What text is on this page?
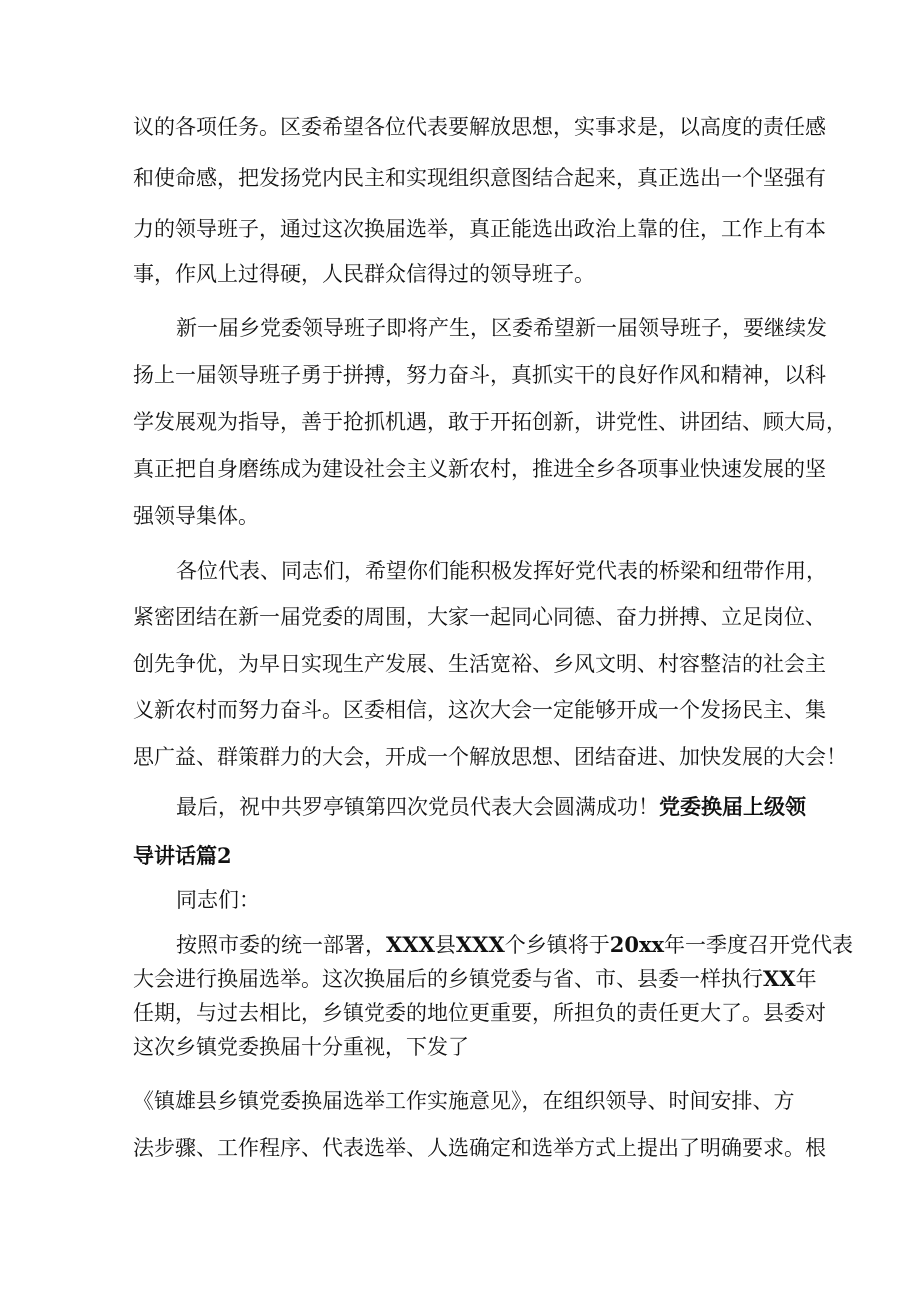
议的各项任务。区委希望各位代表要解放思想，实事求是，以高度的责任感
和使命感，把发扬党内民主和实现组织意图结合起来，真正选出一个坚强有
力的领导班子，通过这次换届选举，真正能选出政治上靠的住，工作上有本
事，作风上过得硬，人民群众信得过的领导班子。
新一届乡党委领导班子即将产生，区委希望新一届领导班子，要继续发
扬上一届领导班子勇于拼搏，努力奋斗，真抓实干的良好作风和精神，以科
学发展观为指导，善于抢抓机遇，敢于开拓创新，讲党性、讲团结、顾大局，
真正把自身磨练成为建设社会主义新农村，推进全乡各项事业快速发展的坚
强领导集体。
各位代表、同志们，希望你们能积极发挥好党代表的桥梁和纽带作用，
紧密团结在新一届党委的周围，大家一起同心同德、奋力拼搏、立足岗位、
创先争优，为早日实现生产发展、生活宽裕、乡风文明、村容整洁的社会主
义新农村而努力奋斗。区委相信，这次大会一定能够开成一个发扬民主、集
思广益、群策群力的大会，开成一个解放思想、团结奋进、加快发展的大会！
最后，祝中共罗亭镇第四次党员代表大会圆满成功！党委换届上级领
导讲话篇2
同志们：
按照市委的统一部署，XXX县XXX个乡镇将于20xx年一季度召开党代表
大会进行换届选举。这次换届后的乡镇党委与省、市、县委一样执行XX年
任期，与过去相比，乡镇党委的地位更重要，所担负的责任更大了。县委对
这次乡镇党委换届十分重视，下发了
《镇雄县乡镇党委换届选举工作实施意见》，在组织领导、时间安排、方
法步骤、工作程序、代表选举、人选确定和选举方式上提出了明确要求。根
